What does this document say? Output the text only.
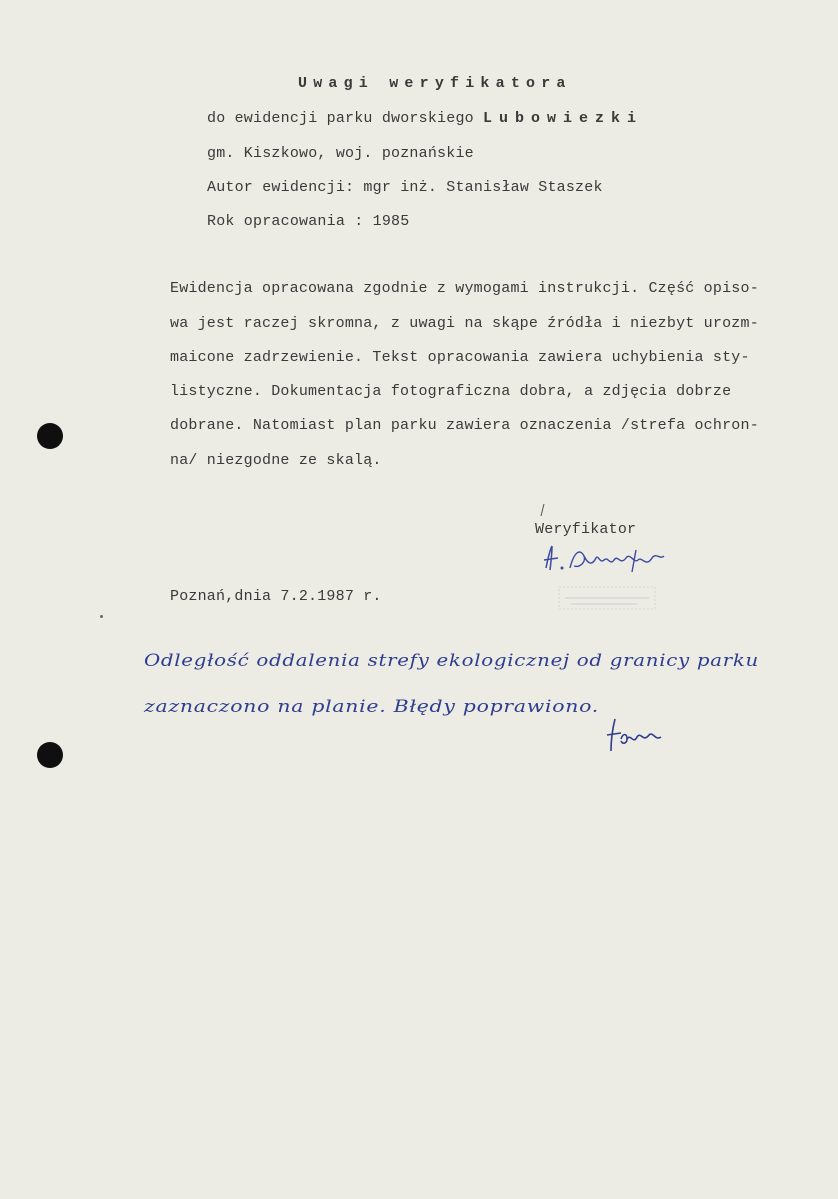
Uwagi weryfikatora
do ewidencji parku dworskiego Lubowiezki
gm. Kiszkowo, woj. poznańskie
Autor ewidencji: mgr inż. Stanisław Staszek
Rok opracowania : 1985
Ewidencja opracowana zgodnie z wymogami instrukcji. Część opiso-
wa jest raczej skromna, z uwagi na skąpe źródła i niezbyt urozm-
maicone zadrzewienie. Tekst opracowania zawiera uchybienia sty-
listyczne. Dokumentacja fotograficzna dobra, a zdjęcia dobrze
dobrane. Natomiast plan parku zawiera oznaczenia /strefa ochron-
na/ niezgodne ze skalą.
Weryfikator
Poznań,dnia 7.2.1987 r.
Odległość oddalenia strefy ekologicznej od granicy parku
zaznaczono na planie. Błędy poprawiono.
